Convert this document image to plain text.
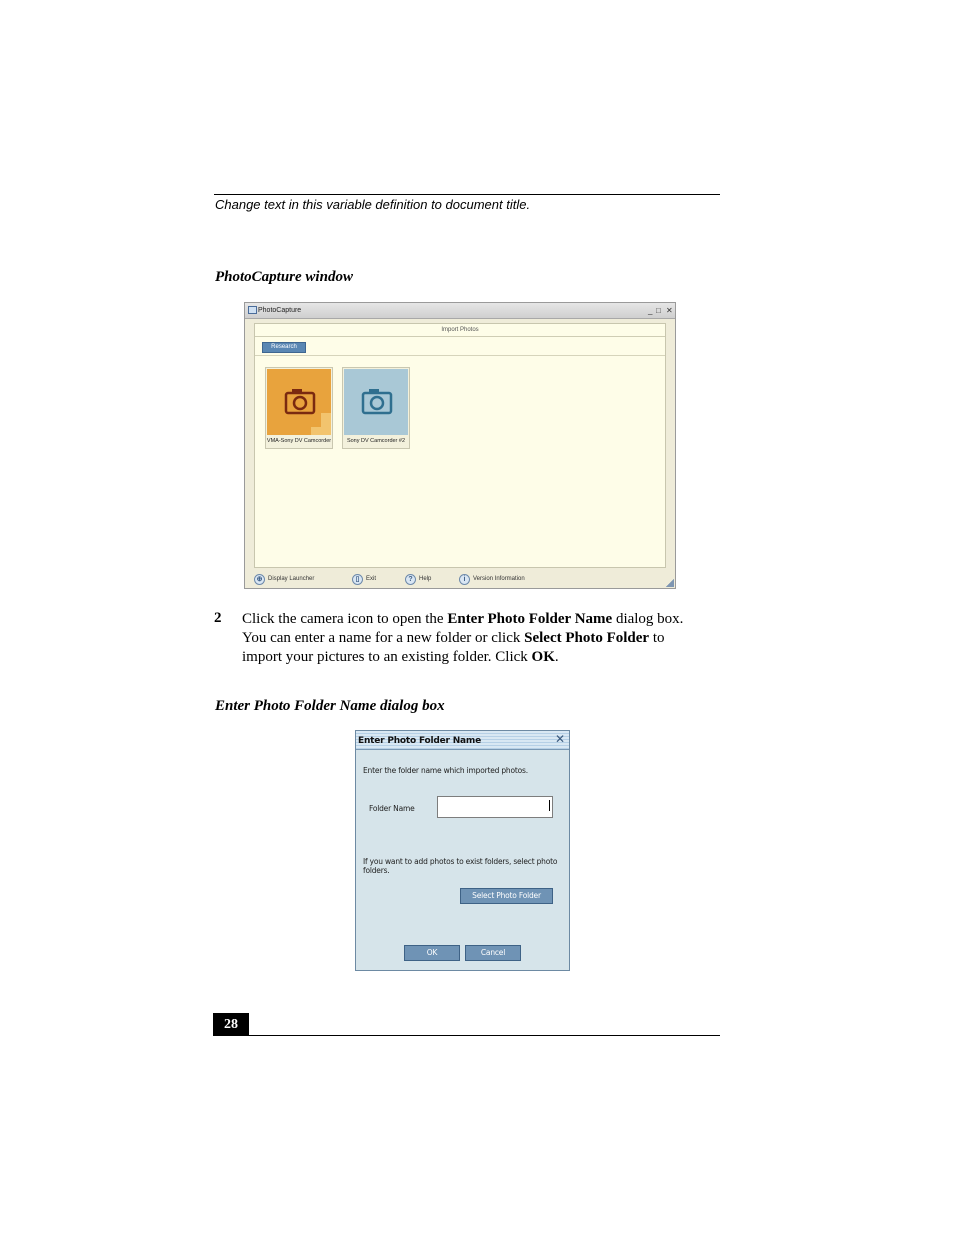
Change text in this variable definition to document title.
PhotoCapture window
PhotoCapture	_ □ ✕
Import Photos
Research
VMA-Sony DV Camcorder	Sony DV Camcorder #2
⊕ Display Launcher	▯	Exit	?	Help	i	Version Information
2 Click the camera icon to open the Enter Photo Folder Name dialog box.
You can enter a name for a new folder or click Select Photo Folder to
import your pictures to an existing folder. Click OK.
Enter Photo Folder Name dialog box
Enter Photo Folder Name	✕
Enter the folder name which imported photos.
Folder Name
If you want to add photos to exist folders, select photo
folders.
Select Photo Folder
OK	Cancel
28
